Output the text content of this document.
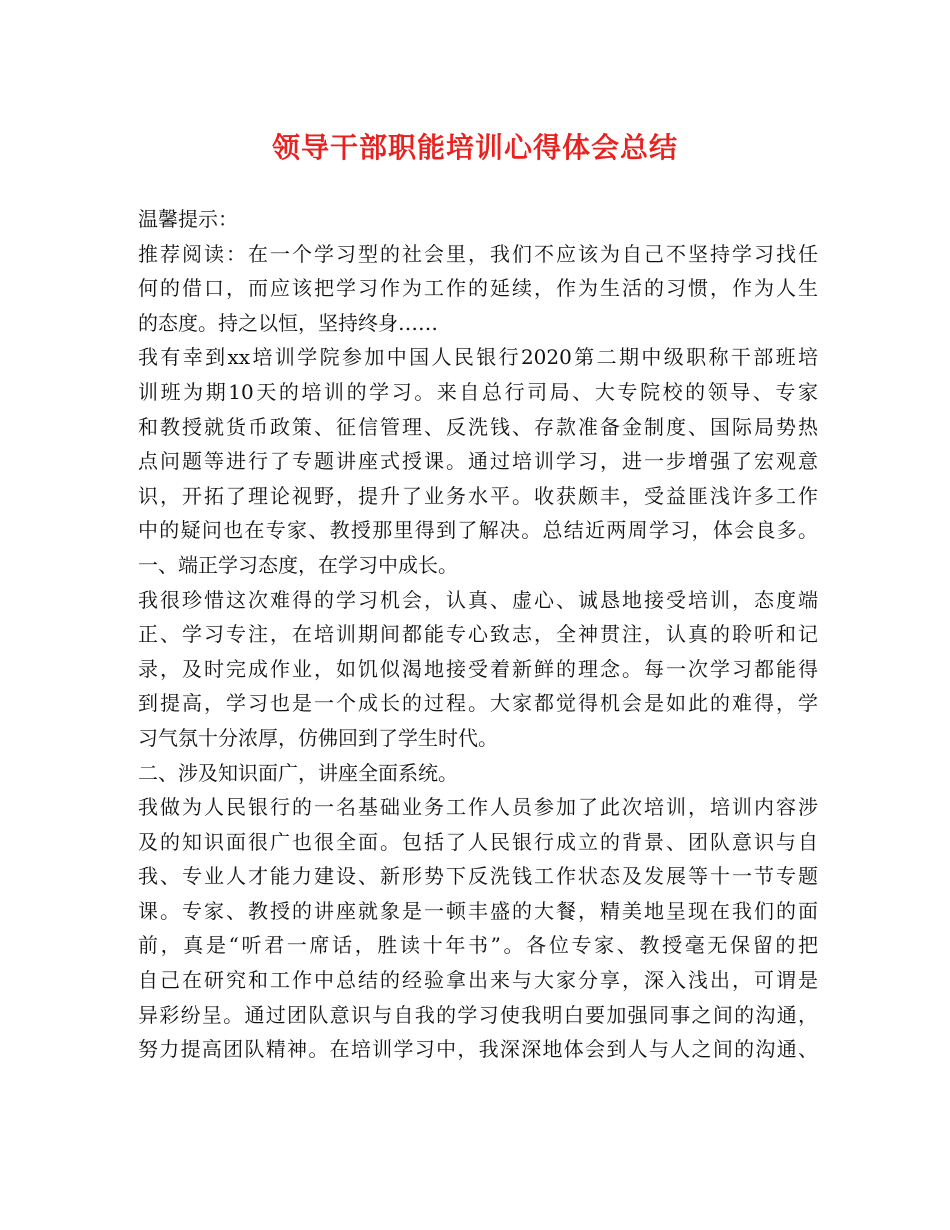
领导干部职能培训心得体会总结

温馨提示：

推荐阅读：在一个学习型的社会里，我们不应该为自己不坚持学习找任

何的借口，而应该把学习作为工作的延续，作为生活的习惯，作为人生

的态度。持之以恒，坚持终身……

我有幸到xx培训学院参加中国人民银行2020第二期中级职称干部班培

训班为期10天的培训的学习。来自总行司局、大专院校的领导、专家

和教授就货币政策、征信管理、反洗钱、存款准备金制度、国际局势热

点问题等进行了专题讲座式授课。通过培训学习，进一步增强了宏观意

识，开拓了理论视野，提升了业务水平。收获颇丰，受益匪浅许多工作

中的疑问也在专家、教授那里得到了解决。总结近两周学习，体会良多。

一、端正学习态度，在学习中成长。

我很珍惜这次难得的学习机会，认真、虚心、诚恳地接受培训，态度端

正、学习专注，在培训期间都能专心致志，全神贯注，认真的聆听和记

录，及时完成作业，如饥似渴地接受着新鲜的理念。每一次学习都能得

到提高，学习也是一个成长的过程。大家都觉得机会是如此的难得，学

习气氛十分浓厚，仿佛回到了学生时代。

二、涉及知识面广，讲座全面系统。

我做为人民银行的一名基础业务工作人员参加了此次培训，培训内容涉

及的知识面很广也很全面。包括了人民银行成立的背景、团队意识与自

我、专业人才能力建设、新形势下反洗钱工作状态及发展等十一节专题

课。专家、教授的讲座就象是一顿丰盛的大餐，精美地呈现在我们的面

前，真是“听君一席话，胜读十年书”。各位专家、教授毫无保留的把

自己在研究和工作中总结的经验拿出来与大家分享，深入浅出，可谓是

异彩纷呈。通过团队意识与自我的学习使我明白要加强同事之间的沟通，

努力提高团队精神。在培训学习中，我深深地体会到人与人之间的沟通、
